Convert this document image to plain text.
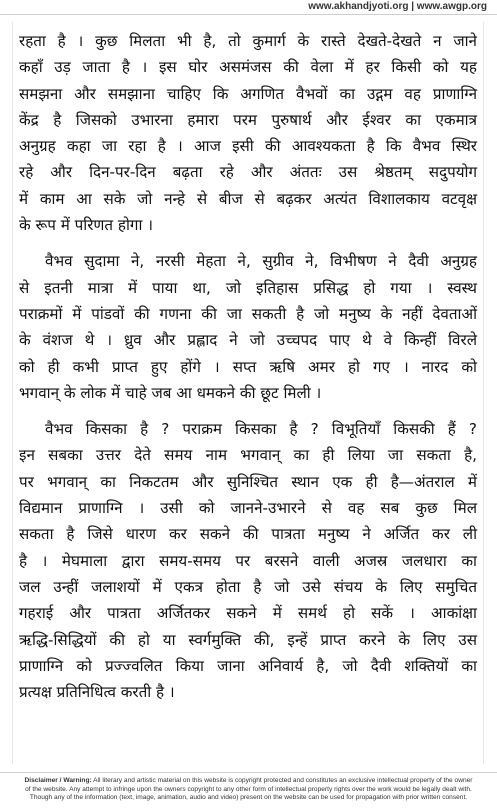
www.akhandjyoti.org | www.awgp.org
रहता है । कुछ मिलता भी है, तो कुमार्ग के रास्ते देखते-देखते न जाने
कहाँ उड़ जाता है । इस घोर असमंजस की वेला में हर किसी को यह
समझना और समझाना चाहिए कि अगणित वैभवों का उद्गम वह प्राणाग्नि
केंद्र है जिसको उभारना हमारा परम पुरुषार्थ और ईश्वर का एकमात्र
अनुग्रह कहा जा रहा है । आज इसी की आवश्यकता है कि वैभव स्थिर
रहे और दिन-पर-दिन बढ़ता रहे और अंततः उस श्रेष्ठतम् सदुपयोग
में काम आ सके जो नन्हे से बीज से बढ़कर अत्यंत विशालकाय वटवृक्ष
के रूप में परिणत होगा ।
वैभव सुदामा ने, नरसी मेहता ने, सुग्रीव ने, विभीषण ने दैवी अनुग्रह
से इतनी मात्रा में पाया था, जो इतिहास प्रसिद्ध हो गया । स्वस्थ
पराक्रमों में पांडवों की गणना की जा सकती है जो मनुष्य के नहीं देवताओं
के वंशज थे । ध्रुव और प्रह्लाद ने जो उच्चपद पाए थे वे किन्हीं विरले
को ही कभी प्राप्त हुए होंगे । सप्त ऋषि अमर हो गए । नारद को
भगवान् के लोक में चाहे जब आ धमकने की छूट मिली ।
वैभव किसका है ? पराक्रम किसका है ? विभूतियाँ किसकी हैं ?
इन सबका उत्तर देते समय नाम भगवान् का ही लिया जा सकता है,
पर भगवान् का निकटतम और सुनिश्चित स्थान एक ही है—अंतराल में
विद्यमान प्राणाग्नि । उसी को जानने-उभारने से वह सब कुछ मिल
सकता है जिसे धारण कर सकने की पात्रता मनुष्य ने अर्जित कर ली
है । मेघमाला द्वारा समय-समय पर बरसने वाली अजस्र जलधारा का
जल उन्हीं जलाशयों में एकत्र होता है जो उसे संचय के लिए समुचित
गहराई और पात्रता अर्जितकर सकने में समर्थ हो सकें । आकांक्षा
ऋद्धि-सिद्धियों की हो या स्वर्गमुक्ति की, इन्हें प्राप्त करने के लिए उस
प्राणाग्नि को प्रज्ज्वलित किया जाना अनिवार्य है, जो दैवी शक्तियों का
प्रत्यक्ष प्रतिनिधित्व करती है ।
Disclaimer / Warning: All literary and artistic material on this website is copyright protected and constitutes an exclusive intellectual property of the owner
of the website. Any attempt to infringe upon the owners copyright to any other form of intellectual property rights over the work would be legally dealt with.
Though any of the information (text, image, animation, audio and video) present on the website can be used for propagation with prior written consent.
